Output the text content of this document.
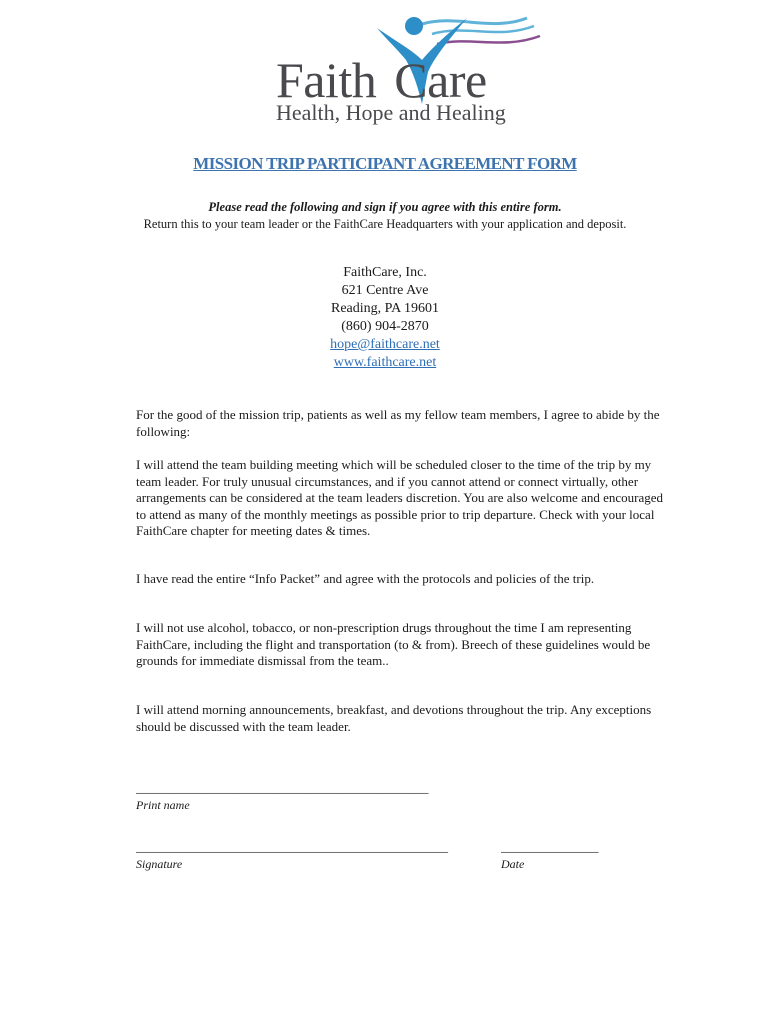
Faith Care
Health, Hope and Healing
MISSION TRIP PARTICIPANT AGREEMENT FORM

Please read the following and sign if you agree with this entire form.

Return this to your team leader or the FaithCare Headquarters with your application and deposit.

FaithCare, Inc.
621 Centre Ave
Reading, PA 19601
(860) 904-2870
hope@faithcare.net
www.faithcare.net

For the good of the mission trip, patients as well as my fellow team members, I agree to abide by the following:

I will attend the team building meeting which will be scheduled closer to the time of the trip by my team leader. For truly unusual circumstances, and if you cannot attend or connect virtually, other arrangements can be considered at the team leaders discretion. You are also welcome and encouraged to attend as many of the monthly meetings as possible prior to trip departure. Check with your local FaithCare chapter for meeting dates & times.

I have read the entire “Info Packet” and agree with the protocols and policies of the trip.

I will not use alcohol, tobacco, or non-prescription drugs throughout the time I am representing FaithCare, including the flight and transportation (to & from). Breech of these guidelines would be grounds for immediate dismissal from the team..

I will attend morning announcements, breakfast, and devotions throughout the trip. Any exceptions should be discussed with the team leader.

_____________________________________________
Print name
________________________________________________
Signature
_______________
Date
